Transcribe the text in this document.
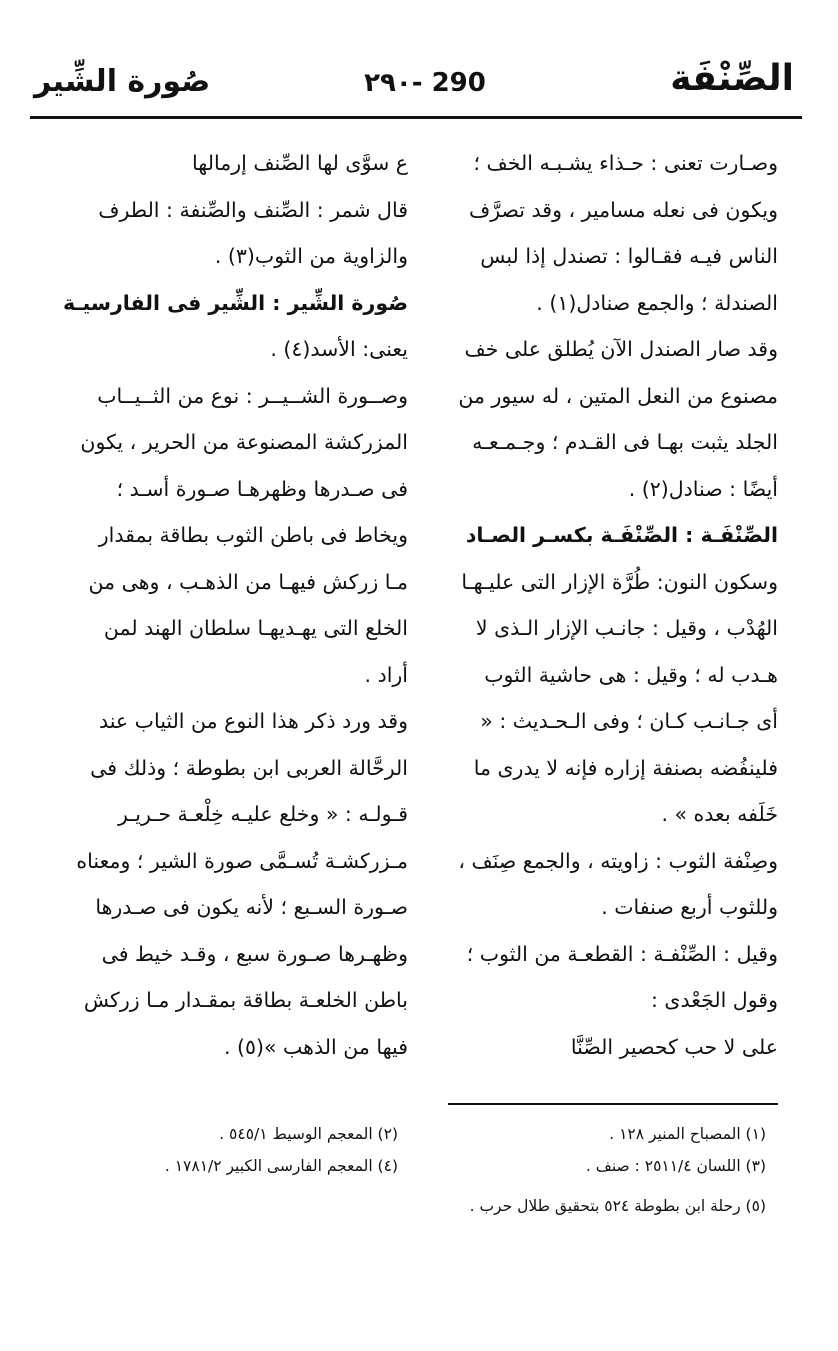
الصِّنْفَة
٢٩٠- 290
صُورة الشِّير
وصـارت تعنى : حـذاء يشـبـه الخف ؛
ويكون فى نعله مسامير ، وقد تصرَّف
الناس فيـه فقـالوا : تصندل إذا لبس
الصندلة ؛ والجمع صنادل(١) .
وقد صار الصندل الآن يُطلق على خف
مصنوع من النعل المتين ، له سيور من
الجلد يثبت بهـا فى القـدم ؛ وجـمـعـه
أيضًا : صنادل(٢) .
الصِّنْفَـة : الصِّنْفَـة بكسـر الصـاد
وسكون النون: طُرَّة الإزار التى عليـهـا
الهُدْب ، وقيل : جانـب الإزار الـذى لا
هـدب له ؛ وقيل : هى حاشية الثوب
أى جـانـب كـان ؛ وفى الـحـديث : «
فلينفُضه بصنفة إزاره فإنه لا يدرى ما
خَلَفه بعده » .
وصِنْفة الثوب : زاويته ، والجمع صِنَف ،
وللثوب أربع صنفات .
وقيل : الصِّنْفـة : القطعـة من الثوب ؛
وقول الجَعْدى :
على لا حب كحصير الصِّنَّا
ع سوَّى لها الصِّنف إرمالها
قال شمر : الصِّنف والصِّنفة : الطرف
والزاوية من الثوب(٣) .
صُورة الشِّير : الشِّير فى الفارسيـة
يعنى: الأسد(٤) .
وصــورة الشــيــر : نوع من الثــيــاب
المزركشة المصنوعة من الحرير ، يكون
فى صـدرها وظهرهـا صـورة أسـد ؛
ويخاط فى باطن الثوب بطاقة بمقدار
مـا زركش فيهـا من الذهـب ، وهى من
الخلع التى يهـديهـا سلطان الهند لمن
أراد .
وقد ورد ذكر هذا النوع من الثياب عند
الرحَّالة العربى ابن بطوطة ؛ وذلك فى
قـولـه : « وخلع عليـه خِلْعـة حـريـر
مـزركشـة تُسـمَّى صورة الشير ؛ ومعناه
صـورة السـبع ؛ لأنه يكون فى صـدرها
وظهـرها صـورة سبع ، وقـد خيط فى
باطن الخلعـة بطاقة بمقـدار مـا زركش
فيها من الذهب »(٥) .
(١) المصباح المنير ١٢٨ .
(٢) المعجم الوسيط ٥٤٥/١ .
(٣) اللسان ٢٥١١/٤ : صنف .
(٤) المعجم الفارسى الكبير ١٧٨١/٢ .
(٥) رحلة ابن بطوطة ٥٢٤ بتحقيق طلال حرب .
